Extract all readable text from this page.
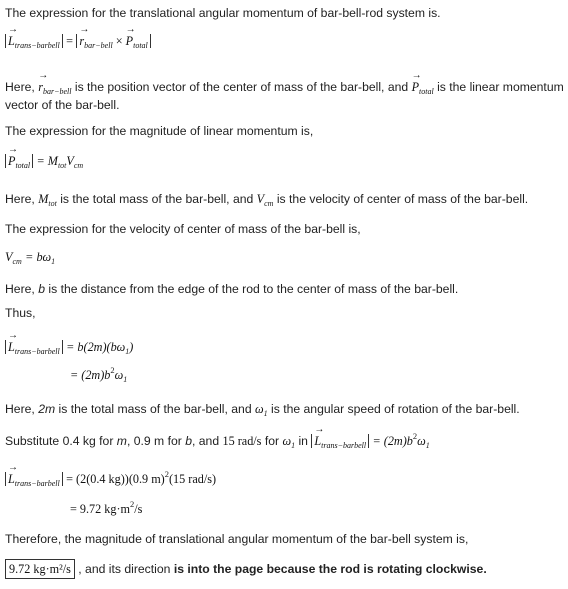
The expression for the translational angular momentum of bar-bell-rod system is.
→ $L_{trans-barbell}$ = → $r_{bar-bell}$ × → $P_{total}$
Here, → $r_{bar-bell}$ is the position vector of the center of mass of the bar-bell, and → $P_{total}$ is the linear momentum
vector of the bar-bell.
The expression for the magnitude of linear momentum is,
→ $P_{total} = M_{tot}V_{cm}$
Here, $M_{tot}$ is the total mass of the bar-bell, and $V_{cm}$ is the velocity of center of mass of the bar-bell.
The expression for the velocity of center of mass of the bar-bell is,
$V_{cm} = b\omega_1$
Here, b is the distance from the edge of the rod to the center of mass of the bar-bell.
Thus,
→ $L_{trans-barbell} = b(2m)(b\omega_1)$
= $(2m)b^2\omega_1$
Here, 2m is the total mass of the bar-bell, and $\omega_1$ is the angular speed of rotation of the bar-bell.
Substitute 0.4 kg for m, 0.9 m for b, and 15 rad/s for $\omega_1$ in → $L_{trans-barbell} = (2m)b^2\omega_1$
→ $L_{trans-barbell} = (2(0.4$ kg))(0.9 m)$^2$(15 rad/s)
= 9.72 $kg\cdot m^2/s$
Therefore, the magnitude of translational angular momentum of the bar-bell system is,
9.72 kg·m²/s , and its direction is into the page because the rod is rotating clockwise.
